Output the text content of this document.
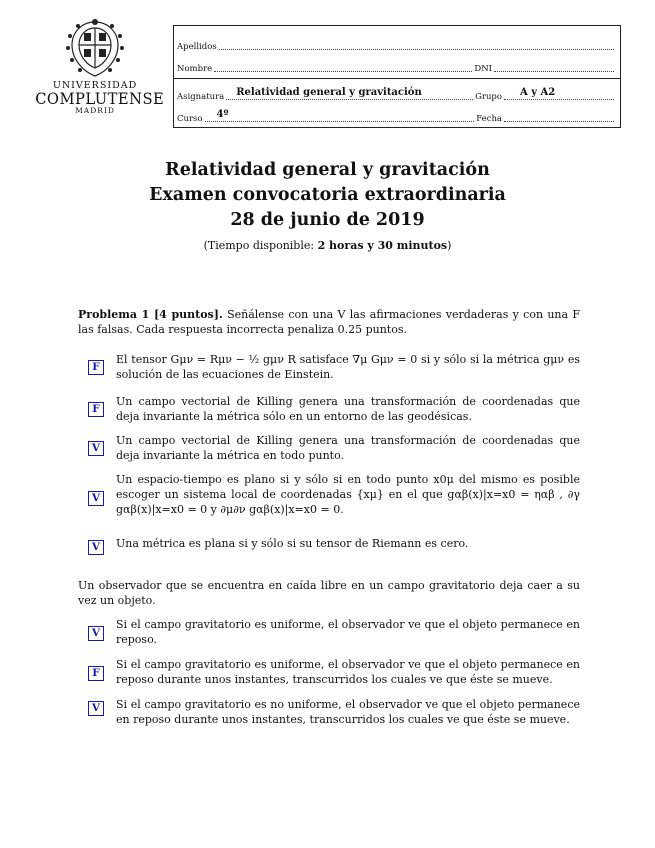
UNIVERSIDAD
COMPLUTENSE
MADRID
Apellidos
Nombre	DNI
Asignatura Relatividad general y gravitación	Grupo A y A2
Curso 4º	Fecha
Relatividad general y gravitación
Examen convocatoria extraordinaria
28 de junio de 2019
(Tiempo disponible: 2 horas y 30 minutos)
Problema 1 [4 puntos]. Señálense con una V las afirmaciones verdaderas y con una F las falsas. Cada respuesta incorrecta penaliza 0.25 puntos.
F
El tensor Gμν = Rμν − ½ gμν R satisface ∇μ Gμν = 0 si y sólo si la métrica gμν es solución de las ecuaciones de Einstein.
F
Un campo vectorial de Killing genera una transformación de coordenadas que deja invariante la métrica sólo en un entorno de las geodésicas.
V
Un campo vectorial de Killing genera una transformación de coordenadas que deja invariante la métrica en todo punto.
V
Un espacio-tiempo es plano si y sólo si en todo punto x0μ del mismo es posible escoger un sistema local de coordenadas {xμ} en el que gαβ(x)|x=x0 = ηαβ , ∂γ gαβ(x)|x=x0 = 0 y ∂μ∂ν gαβ(x)|x=x0 = 0.
V	Una métrica es plana si y sólo si su tensor de Riemann es cero.
Un observador que se encuentra en caída libre en un campo gravitatorio deja caer a su vez un objeto.
V
Si el campo gravitatorio es uniforme, el observador ve que el objeto permanece en reposo.
F
Si el campo gravitatorio es uniforme, el observador ve que el objeto permanece en reposo durante unos instantes, transcurridos los cuales ve que éste se mueve.
V	Si el campo gravitatorio es no uniforme, el observador ve que el objeto permanece en reposo durante unos instantes, transcurridos los cuales ve que éste se mueve.
